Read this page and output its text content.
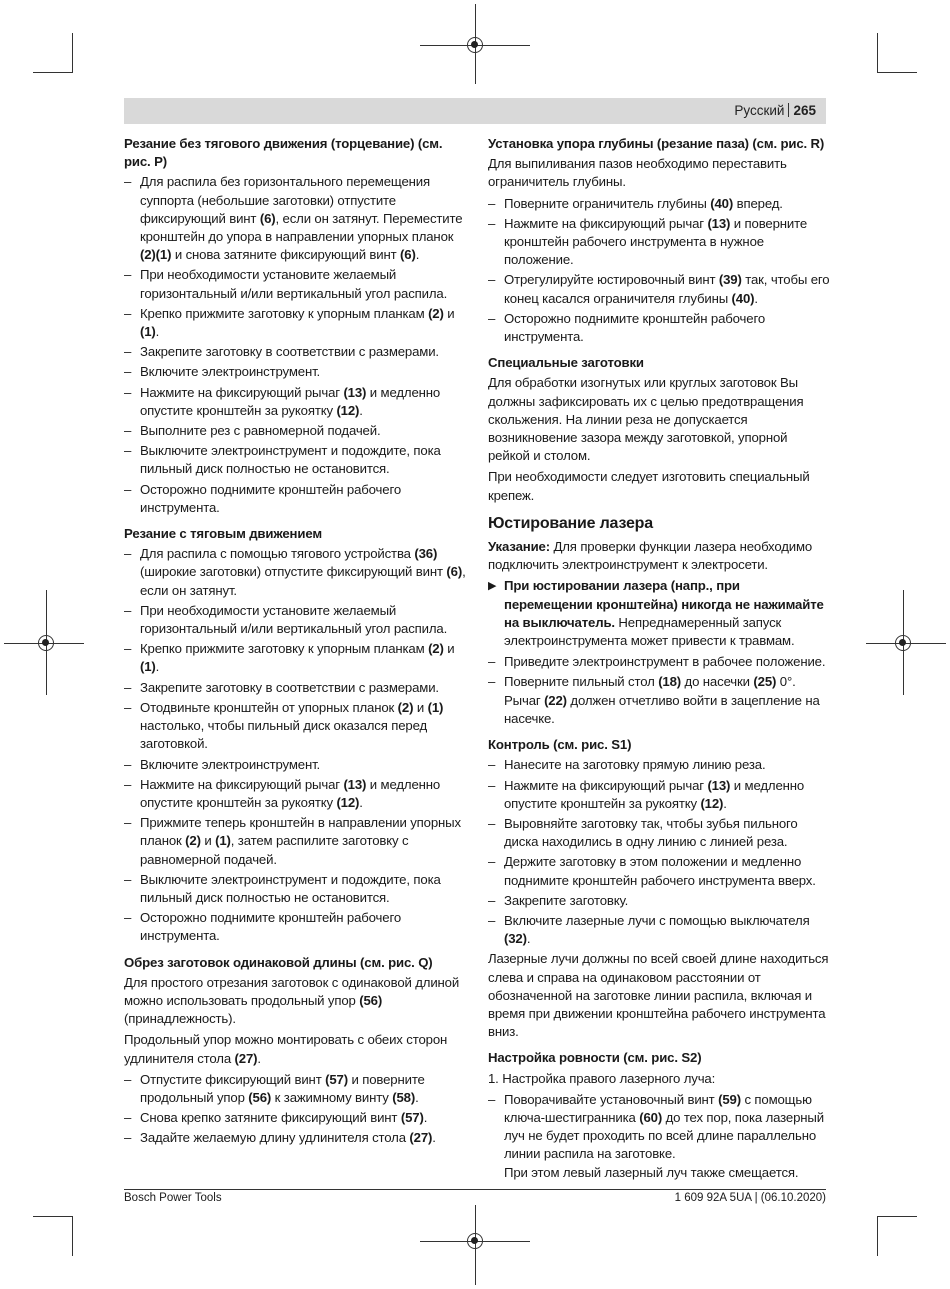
Русский 265
Резание без тягового движения (торцевание) (см. рис. P)
– Для распила без горизонтального перемещения суппорта (небольшие заготовки) отпустите фиксирующий винт (6), если он затянут. Переместите кронштейн до упора в направлении упорных планок (2)(1) и снова затяните фиксирующий винт (6).
– При необходимости установите желаемый горизонтальный и/или вертикальный угол распила.
– Крепко прижмите заготовку к упорным планкам (2) и (1).
– Закрепите заготовку в соответствии с размерами.
– Включите электроинструмент.
– Нажмите на фиксирующий рычаг (13) и медленно опустите кронштейн за рукоятку (12).
– Выполните рез с равномерной подачей.
– Выключите электроинструмент и подождите, пока пильный диск полностью не остановится.
– Осторожно поднимите кронштейн рабочего инструмента.
Резание с тяговым движением
– Для распила с помощью тягового устройства (36) (широкие заготовки) отпустите фиксирующий винт (6), если он затянут.
– При необходимости установите желаемый горизонтальный и/или вертикальный угол распила.
– Крепко прижмите заготовку к упорным планкам (2) и (1).
– Закрепите заготовку в соответствии с размерами.
– Отодвиньте кронштейн от упорных планок (2) и (1) настолько, чтобы пильный диск оказался перед заготовкой.
– Включите электроинструмент.
– Нажмите на фиксирующий рычаг (13) и медленно опустите кронштейн за рукоятку (12).
– Прижмите теперь кронштейн в направлении упорных планок (2) и (1), затем распилите заготовку с равномерной подачей.
– Выключите электроинструмент и подождите, пока пильный диск полностью не остановится.
– Осторожно поднимите кронштейн рабочего инструмента.
Обрез заготовок одинаковой длины (см. рис. Q)

Для простого отрезания заготовок с одинаковой длиной можно использовать продольный упор (56) (принадлежность).

Продольный упор можно монтировать с обеих сторон удлинителя стола (27).

– Отпустите фиксирующий винт (57) и поверните продольный упор (56) к зажимному винту (58).
– Снова крепко затяните фиксирующий винт (57).
– Задайте желаемую длину удлинителя стола (27).
Установка упора глубины (резание паза) (см. рис. R)

Для выпиливания пазов необходимо переставить ограничитель глубины.

– Поверните ограничитель глубины (40) вперед.
– Нажмите на фиксирующий рычаг (13) и поверните кронштейн рабочего инструмента в нужное положение.
– Отрегулируйте юстировочный винт (39) так, чтобы его конец касался ограничителя глубины (40).
– Осторожно поднимите кронштейн рабочего инструмента.
Специальные заготовки

Для обработки изогнутых или круглых заготовок Вы должны зафиксировать их с целью предотвращения скольжения. На линии реза не допускается возникновение зазора между заготовкой, упорной рейкой и столом.

При необходимости следует изготовить специальный крепеж.

Юстирование лазера

Указание: Для проверки функции лазера необходимо подключить электроинструмент к электросети.

▶ При юстировании лазера (напр., при перемещении кронштейна) никогда не нажимайте на выключатель. Непреднамеренный запуск электроинструмента может привести к травмам.
– Приведите электроинструмент в рабочее положение.
– Поверните пильный стол (18) до насечки (25) 0°. Рычаг (22) должен отчетливо войти в зацепление на насечке.
Контроль (см. рис. S1)
– Нанесите на заготовку прямую линию реза.
– Нажмите на фиксирующий рычаг (13) и медленно опустите кронштейн за рукоятку (12).
– Выровняйте заготовку так, чтобы зубья пильного диска находились в одну линию с линией реза.
– Держите заготовку в этом положении и медленно поднимите кронштейн рабочего инструмента вверх.
– Закрепите заготовку.
– Включите лазерные лучи с помощью выключателя (32).

Лазерные лучи должны по всей своей длине находиться слева и справа на одинаковом расстоянии от обозначенной на заготовке линии распила, включая и время при движении кронштейна рабочего инструмента вниз.

Настройка ровности (см. рис. S2)

1. Настройка правого лазерного луча:

– Поворачивайте установочный винт (59) с помощью ключа-шестигранника (60) до тех пор, пока лазерный луч не будет проходить по всей длине параллельно линии распила на заготовке.
При этом левый лазерный луч также смещается.
Bosch Power Tools	1 609 92A 5UA | (06.10.2020)
